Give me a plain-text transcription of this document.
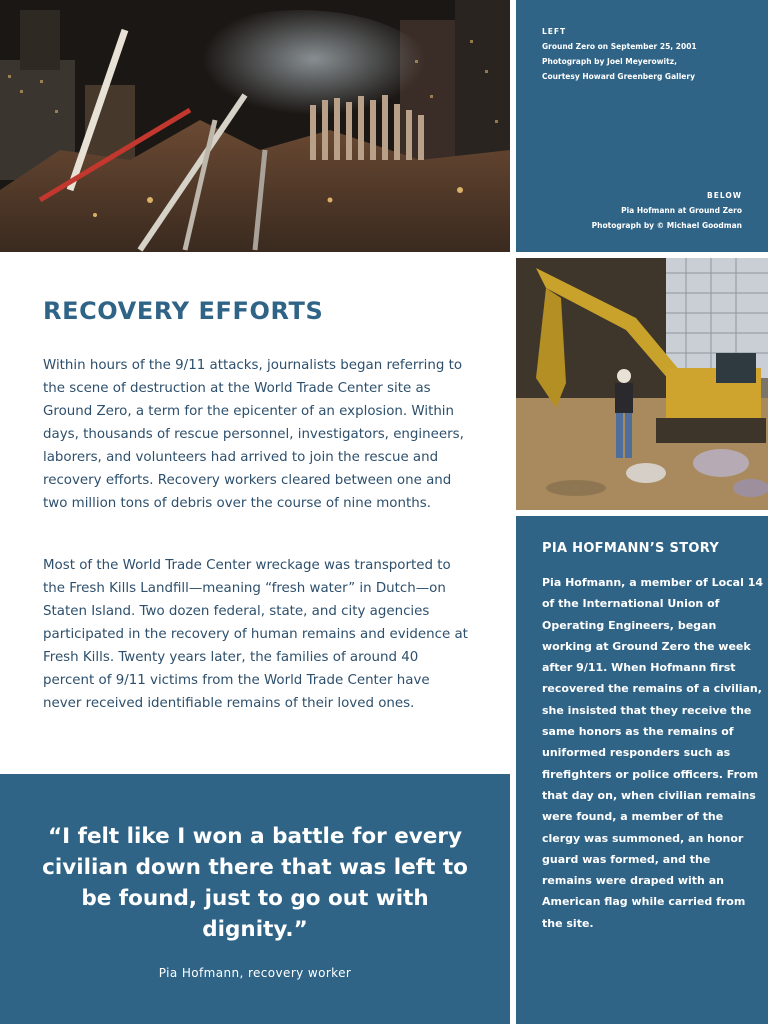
LEFT
Ground Zero on September 25, 2001
Photograph by Joel Meyerowitz,
Courtesy Howard Greenberg Gallery
BELOW
Pia Hofmann at Ground Zero
Photograph by © Michael Goodman
RECOVERY EFFORTS

Within hours of the 9/11 attacks, journalists began referring to the scene of destruction at the World Trade Center site as Ground Zero, a term for the epicenter of an explosion. Within days, thousands of rescue personnel, investigators, engineers, laborers, and volunteers had arrived to join the rescue and recovery efforts. Recovery workers cleared between one and two million tons of debris over the course of nine months.

Most of the World Trade Center wreckage was transported to the Fresh Kills Landfill—meaning “fresh water” in Dutch—on Staten Island. Two dozen federal, state, and city agencies participated in the recovery of human remains and evidence at Fresh Kills. Twenty years later, the families of around 40 percent of 9/11 victims from the World Trade Center have never received identifiable remains of their loved ones.

“I felt like I won a battle for every civilian down there that was left to be found, just to go out with dignity.”
Pia Hofmann, recovery worker
PIA HOFMANN’S STORY
Pia Hofmann, a member of Local 14 of the International Union of Operating Engineers, began working at Ground Zero the week after 9/11. When Hofmann first recovered the remains of a civilian, she insisted that they receive the same honors as the remains of uniformed responders such as firefighters or police officers. From that day on, when civilian remains were found, a member of the clergy was summoned, an honor guard was formed, and the remains were draped with an American flag while carried from the site.
